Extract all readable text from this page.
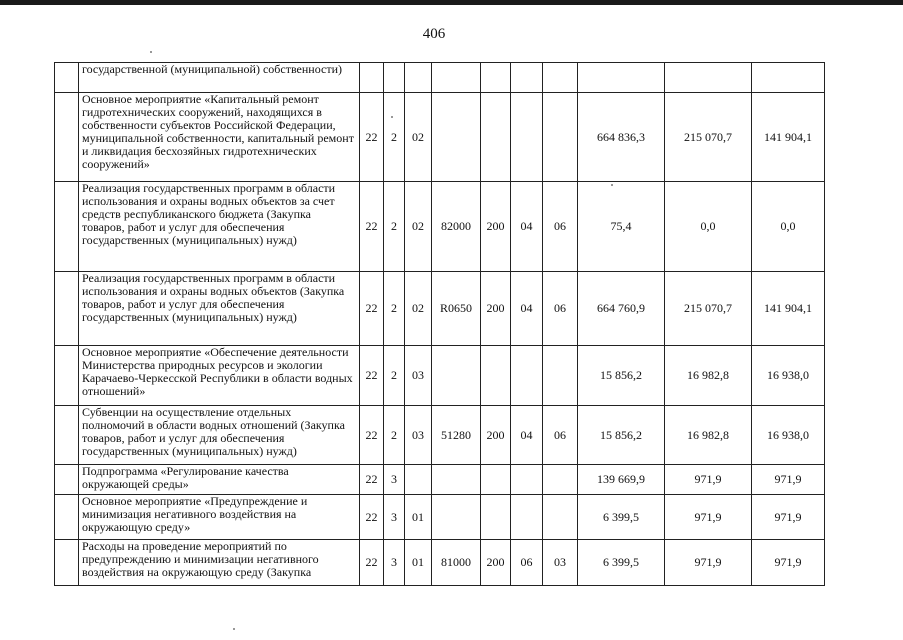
406
	государственной (муниципальной) собственности)										
	Основное мероприятие «Капитальный ремонт гидротехнических сооружений, находящихся в собственности субъектов Российской Федерации, муниципальной собственности, капитальный ремонт и ликвидация бесхозяйных гидротехнических сооружений»	22	2	02					664 836,3	215 070,7	141 904,1
	Реализация государственных программ в области использования и охраны водных объектов за счет средств республиканского бюджета (Закупка товаров, работ и услуг для обеспечения государственных (муниципальных) нужд)	22	2	02	82000	200	04	06	75,4	0,0	0,0
	Реализация государственных программ в области использования и охраны водных объектов (Закупка товаров, работ и услуг для обеспечения государственных (муниципальных) нужд)	22	2	02	R0650	200	04	06	664 760,9	215 070,7	141 904,1
	Основное мероприятие «Обеспечение деятельности Министерства природных ресурсов и экологии Карачаево-Черкесской Республики в области водных отношений»	22	2	03					15 856,2	16 982,8	16 938,0
	Субвенции на осуществление отдельных полномочий в области водных отношений (Закупка товаров, работ и услуг для обеспечения государственных (муниципальных) нужд)	22	2	03	51280	200	04	06	15 856,2	16 982,8	16 938,0
	Подпрограмма «Регулирование качества окружающей среды»	22	3						139 669,9	971,9	971,9
	Основное мероприятие «Предупреждение и минимизация негативного воздействия на окружающую среду»	22	3	01					6 399,5	971,9	971,9
	Расходы на проведение мероприятий по предупреждению и минимизации негативного воздействия на окружающую среду (Закупка	22	3	01	81000	200	06	03	6 399,5	971,9	971,9
